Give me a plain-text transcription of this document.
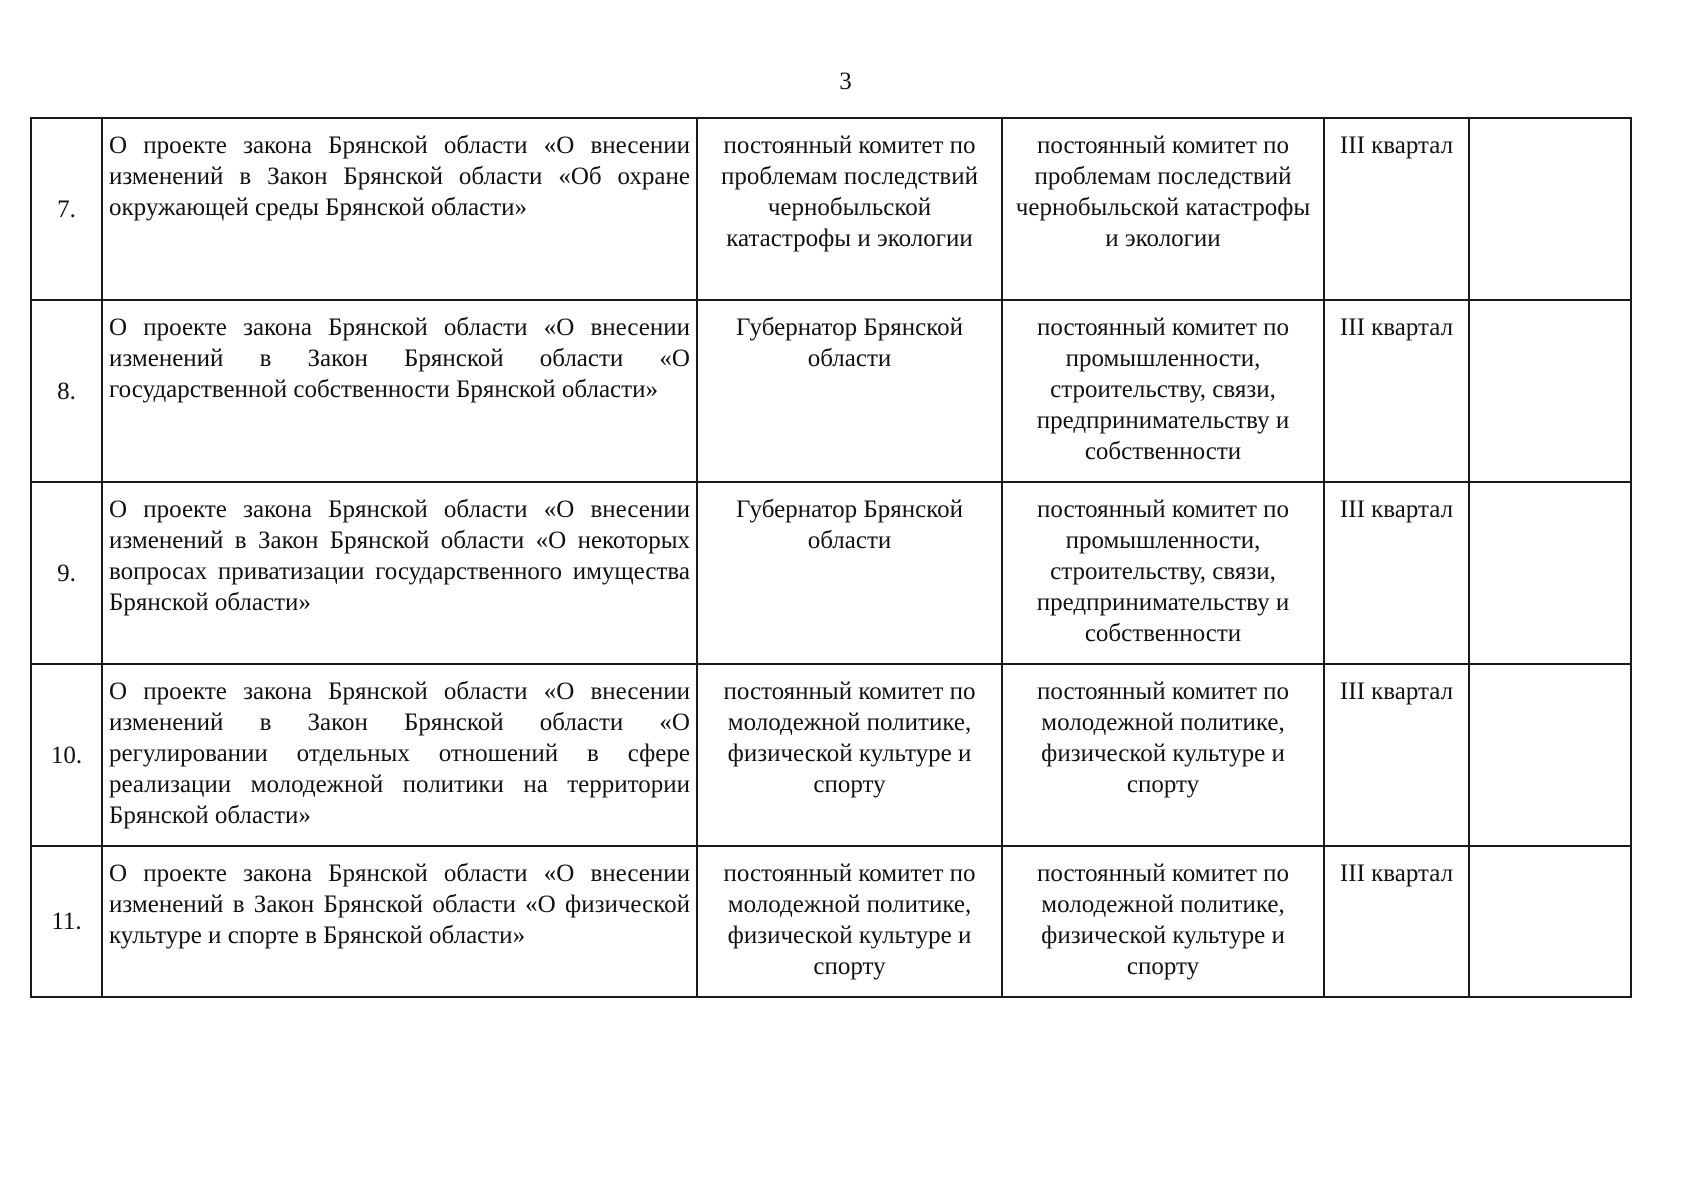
3
7.	О проекте закона Брянской области «О внесении изменений в Закон Брянской области «Об охране окружающей среды Брянской области»	постоянный комитет по проблемам последствий чернобыльской катастрофы и экологии	постоянный комитет по проблемам последствий чернобыльской катастрофы и экологии	III квартал	
8.	О проекте закона Брянской области «О внесении изменений в Закон Брянской области «О государственной собственности Брянской области»	Губернатор Брянской области	постоянный комитет по промышленности, строительству, связи, предпринимательству и собственности	III квартал	
9.	О проекте закона Брянской области «О внесении изменений в Закон Брянской области «О некоторых вопросах приватизации государственного имущества Брянской области»	Губернатор Брянской области	постоянный комитет по промышленности, строительству, связи, предпринимательству и собственности	III квартал	
10.	О проекте закона Брянской области «О внесении изменений в Закон Брянской области «О регулировании отдельных отношений в сфере реализации молодежной политики на территории Брянской области»	постоянный комитет по молодежной политике, физической культуре и спорту	постоянный комитет по молодежной политике, физической культуре и спорту	III квартал	
11.	О проекте закона Брянской области «О внесении изменений в Закон Брянской области «О физической культуре и спорте в Брянской области»	постоянный комитет по молодежной политике, физической культуре и спорту	постоянный комитет по молодежной политике, физической культуре и спорту	III квартал	
